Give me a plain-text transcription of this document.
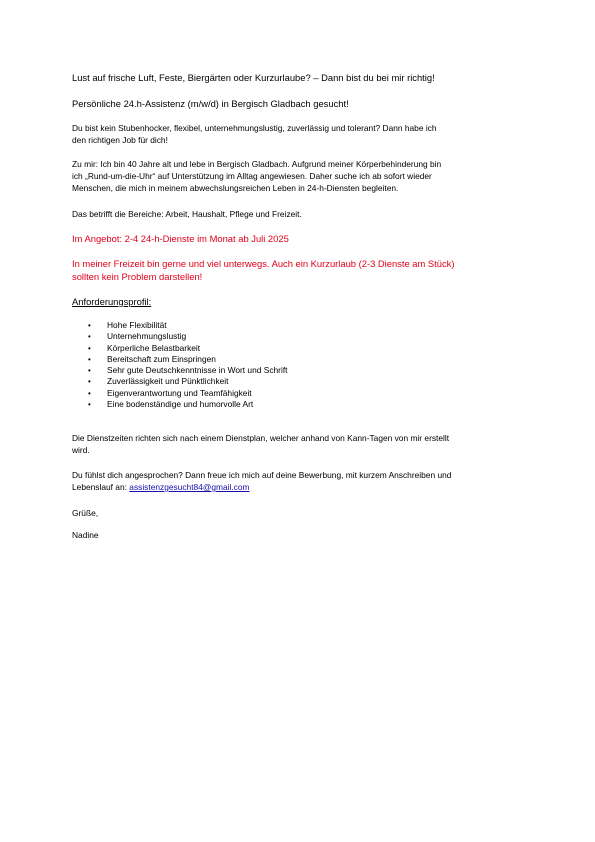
Lust auf frische Luft, Feste, Biergärten oder Kurzurlaube? – Dann bist du bei mir richtig!

Persönliche 24.h-Assistenz (m/w/d) in Bergisch Gladbach gesucht!

Du bist kein Stubenhocker, flexibel, unternehmungslustig, zuverlässig und tolerant? Dann habe ich
den richtigen Job für dich!
Zu mir: Ich bin 40 Jahre alt und lebe in Bergisch Gladbach. Aufgrund meiner Körperbehinderung bin
ich „Rund-um-die-Uhr“ auf Unterstützung im Alltag angewiesen. Daher suche ich ab sofort wieder
Menschen, die mich in meinem abwechslungsreichen Leben in 24-h-Diensten begleiten.

Das betrifft die Bereiche: Arbeit, Haushalt, Pflege und Freizeit.

Im Angebot: 2-4 24-h-Dienste im Monat ab Juli 2025

In meiner Freizeit bin gerne und viel unterwegs. Auch ein Kurzurlaub (2-3 Dienste am Stück)
sollten kein Problem darstellen!

Anforderungsprofil:

• Hohe Flexibilität
• Unternehmungslustig
• Körperliche Belastbarkeit
• Bereitschaft zum Einspringen
• Sehr gute Deutschkenntnisse in Wort und Schrift
• Zuverlässigkeit und Pünktlichkeit
• Eigenverantwortung und Teamfähigkeit
• Eine bodenständige und humorvolle Art
Die Dienstzeiten richten sich nach einem Dienstplan, welcher anhand von Kann-Tagen von mir erstellt
wird.
Du fühlst dich angesprochen? Dann freue ich mich auf deine Bewerbung, mit kurzem Anschreiben und
Lebenslauf an: assistenzgesucht84@gmail.com

Grüße,

Nadine
